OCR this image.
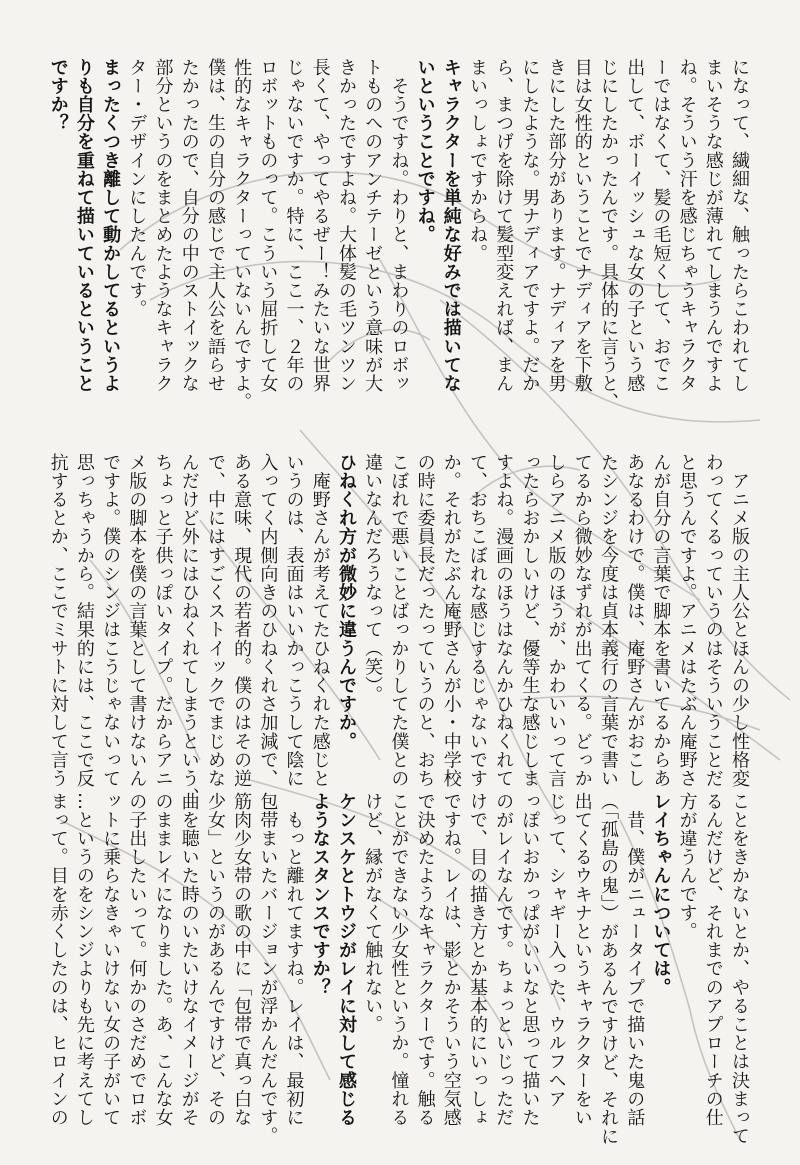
になって、繊細な、触ったらこわれてし
まいそうな感じが薄れてしまうんですよ
ね。そういう汗を感じちゃうキャラクタ
ーではなくて、髪の毛短くして、おでこ
出して、ボーイッシュな女の子という感
じにしたかったんです。具体的に言うと、
目は女性的ということでナディアを下敷
きにした部分があります。ナディアを男
にしたような。男ナディアですよ。だか
ら、まつげを除けて髪型変えれば、まん
まいっしょですからね。
キャラクターを単純な好みでは描いてな
いということですね。
　そうですね。わりと、まわりのロボッ
トものへのアンチテーゼという意味が大
きかったですよね。大体髪の毛ツンツン
長くて、やってやるぜー！みたいな世界
じゃないですか。特に、ここ一、２年の
ロボットものって。こういう屈折して女
性的なキャラクターっていないんですよ。
僕は、生の自分の感じで主人公を語らせ
たかったので、自分の中のストイックな
部分というのをまとめたようなキャラク
ター・デザインにしたんです。
まったくつき離して動かしてるというよ
りも自分を重ねて描いているということ
ですか？
　アニメ版の主人公とほんの少し性格変
わってくるっていうのはそういうことだ
と思うんですよ。アニメはたぶん庵野さ
んが自分の言葉で脚本を書いてるからあ
あなるわけで。僕は、庵野さんがおこし
たシンジを今度は貞本義行の言葉で書い
てるから微妙なずれが出てくる。どっか
しらアニメ版のほうが、かわいいって言
ったらおかしいけど、優等生な感じしま
すよね。漫画のほうはなんかひねくれて
て、おちこぼれな感じするじゃないです
か。それがたぶん庵野さんが小・中学校
の時に委員長だったっていうのと、おち
こぼれで悪いことばっかりしてた僕との
違いなんだろうなって（笑）。
ひねくれ方が微妙に違うんですか。
　庵野さんが考えてたひねくれた感じと
いうのは、表面はいいかっこうして陰に
入ってく内側向きのひねくれさ加減で、
ある意味、現代の若者的。僕のはその逆
で、中にはすごくストイックでまじめな
んだけど外にはひねくれてしまうという、
ちょっと子供っぽいタイプ。だからアニ
メ版の脚本を僕の言葉として書けないん
ですよ。僕のシンジはこうじゃないって
思っちゃうから。結果的には、ここで反
抗するとか、ここでミサトに対して言う
ことをきかないとか、やることは決まって
るんだけど、それまでのアプローチの仕
方が違うんです。
レイちゃんについては。
　昔、僕がニュータイプで描いた鬼の話
（「孤島の鬼」）があるんですけど、それに
出てくるウキナというキャラクターをい
じって、シャギー入った、ウルフヘア
っぽいおかっぱがいいなと思って描いた
のがレイなんです。ちょっといじっただ
けで、目の描き方とか基本的にいっしょ
ですね。レイは、影とかそういう空気感
で決めたようなキャラクターです。触る
ことができない少女性というか。憧れる
けど、縁がなくて触れない。
ケンスケとトウジがレイに対して感じる
ようなスタンスですか？
　もっと離れてますね。レイは、最初に
包帯まいたバージョンが浮かんだんです。
筋肉少女帯の歌の中に「包帯で真っ白な
少女」というのがあるんですけど、その
曲を聴いた時のいたいけなイメージがそ
のままレイになりました。あ、こんな女
の子出したいって。何かのさだめでロボ
ットに乗らなきゃいけない女の子がいて
…というのをシンジよりも先に考えてし
まって。目を赤くしたのは、ヒロインの
